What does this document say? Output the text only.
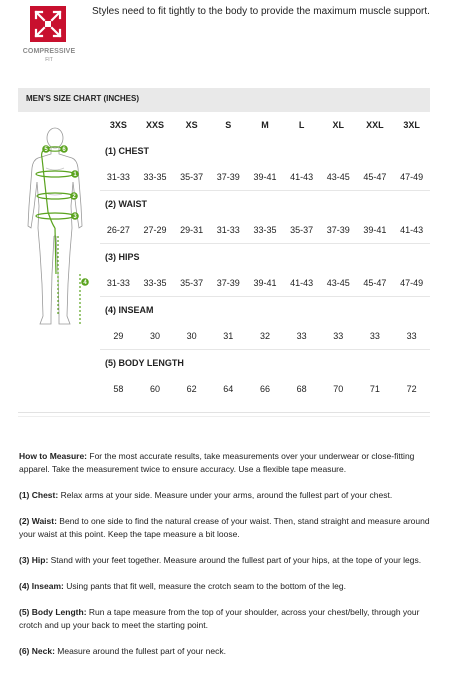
COMPRESSIVE
FIT
Styles need to fit tightly to the body to provide the maximum muscle support.
MEN'S SIZE CHART (INCHES)
5 6
1
2
3
4
3XS	XXS	XS	S	M	L	XL	XXL	3XL
(1) CHEST								
31-33	33-35	35-37	37-39	39-41	41-43	43-45	45-47	47-49
(2) WAIST								
26-27	27-29	29-31	31-33	33-35	35-37	37-39	39-41	41-43
(3) HIPS								
31-33	33-35	35-37	37-39	39-41	41-43	43-45	45-47	47-49
(4) INSEAM								
29	30	30	31	32	33	33	33	33
(5) BODY LENGTH								
58	60	62	64	66	68	70	71	72

How to Measure: For the most accurate results, take measurements over your underwear or close-fitting apparel. Take the measurement twice to ensure accuracy. Use a flexible tape measure.

(1) Chest: Relax arms at your side. Measure under your arms, around the fullest part of your chest.

(2) Waist: Bend to one side to find the natural crease of your waist. Then, stand straight and measure around your waist at this point. Keep the tape measure a bit loose.

(3) Hip: Stand with your feet together. Measure around the fullest part of your hips, at the tope of your legs.

(4) Inseam: Using pants that fit well, measure the crotch seam to the bottom of the leg.

(5) Body Length: Run a tape measure from the top of your shoulder, across your chest/belly, through your crotch and up your back to meet the starting point.

(6) Neck: Measure around the fullest part of your neck.
